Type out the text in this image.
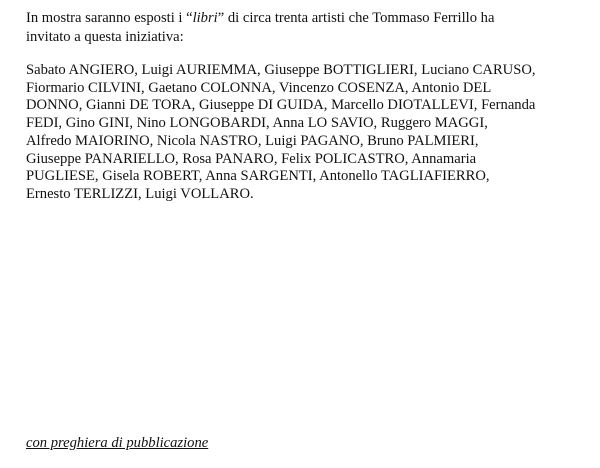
In mostra saranno esposti i “libri” di circa trenta artisti che Tommaso Ferrillo ha
invitato a questa iniziativa:

Sabato ANGIERO, Luigi AURIEMMA, Giuseppe BOTTIGLIERI, Luciano CARUSO,
Fiormario CILVINI, Gaetano COLONNA, Vincenzo COSENZA, Antonio DEL
DONNO, Gianni DE TORA, Giuseppe DI GUIDA, Marcello DIOTALLEVI, Fernanda
FEDI, Gino GINI, Nino LONGOBARDI, Anna LO SAVIO, Ruggero MAGGI,
Alfredo MAIORINO, Nicola NASTRO, Luigi PAGANO, Bruno PALMIERI,
Giuseppe PANARIELLO, Rosa PANARO, Felix POLICASTRO, Annamaria
PUGLIESE, Gisela ROBERT, Anna SARGENTI, Antonello TAGLIAFIERRO,
Ernesto TERLIZZI, Luigi VOLLARO.

con preghiera di pubblicazione
